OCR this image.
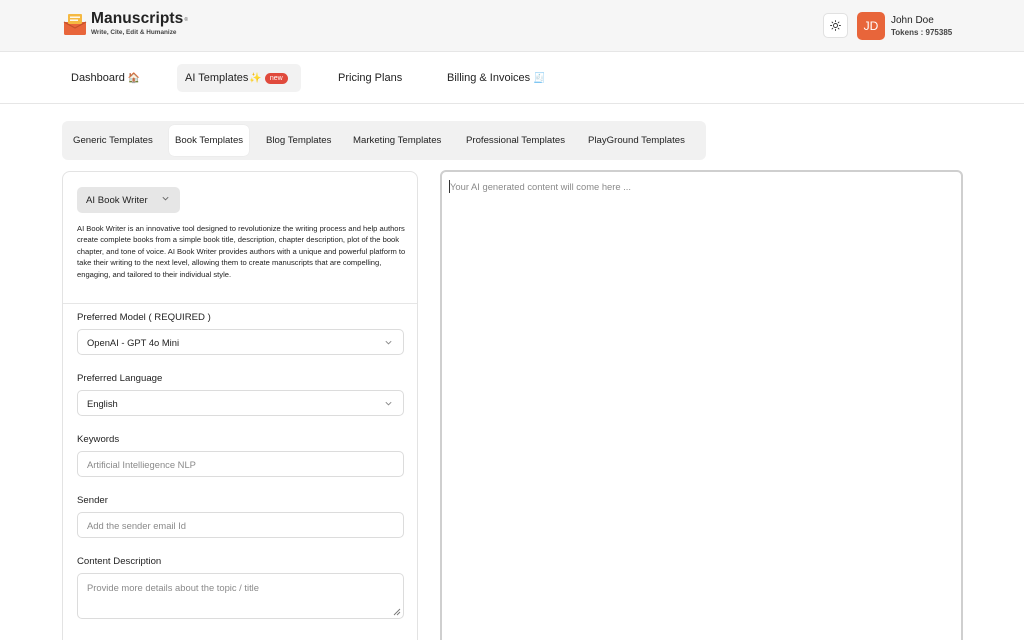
Manuscripts®
Write, Cite, Edit & Humanize	JD	John Doe
Tokens : 975385
Dashboard 🏠	AI Templates ✨	new	Pricing Plans	Billing & Invoices 🧾
Generic Templates	Book Templates	Blog Templates	Marketing Templates	Professional Templates	PlayGround Templates
AI Book Writer
AI Book Writer is an innovative tool designed to revolutionize the writing process and help authors create complete books from a simple book title, description, chapter description, plot of the book chapter, and tone of voice. AI Book Writer provides authors with a unique and powerful platform to take their writing to the next level, allowing them to create manuscripts that are compelling, engaging, and tailored to their individual style.
Preferred Model ( REQUIRED )
OpenAI - GPT 4o Mini
Preferred Language
English
Keywords
Artificial Intelliegence NLP
Sender
Add the sender email Id
Content Description
Provide more details about the topic / title
Your AI generated content will come here ...
